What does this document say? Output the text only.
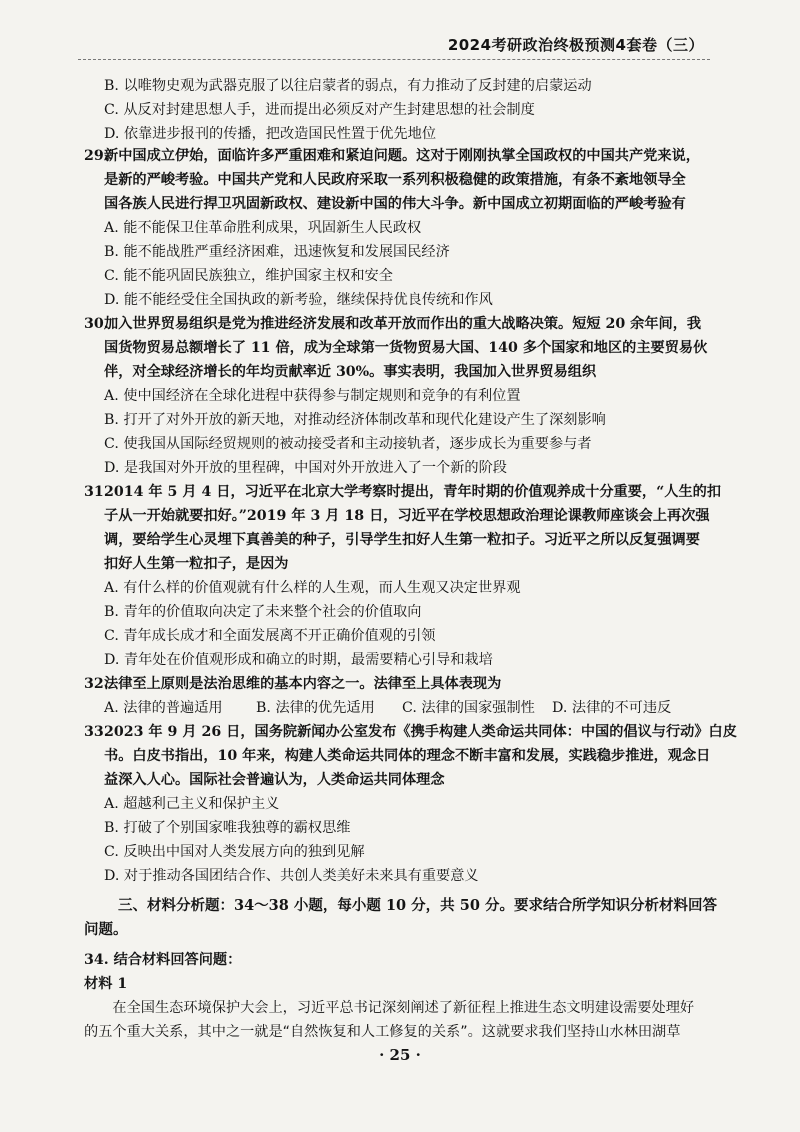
2024考研政治终极预测4套卷（三）
B. 以唯物史观为武器克服了以往启蒙者的弱点，有力推动了反封建的启蒙运动
C. 从反对封建思想人手，进而提出必须反对产生封建思想的社会制度
D. 依靠进步报刊的传播，把改造国民性置于优先地位
29.
新中国成立伊始，面临许多严重困难和紧迫问题。这对于刚刚执掌全国政权的中国共产党来说，
是新的严峻考验。中国共产党和人民政府采取一系列积极稳健的政策措施，有条不紊地领导全
国各族人民进行捍卫巩固新政权、建设新中国的伟大斗争。新中国成立初期面临的严峻考验有
A. 能不能保卫住革命胜利成果，巩固新生人民政权
B. 能不能战胜严重经济困难，迅速恢复和发展国民经济
C. 能不能巩固民族独立，维护国家主权和安全
D. 能不能经受住全国执政的新考验，继续保持优良传统和作风
30.
加入世界贸易组织是党为推进经济发展和改革开放而作出的重大战略决策。短短 20 余年间，我
国货物贸易总额增长了 11 倍，成为全球第一货物贸易大国、140 多个国家和地区的主要贸易伙
伴，对全球经济增长的年均贡献率近 30%。事实表明，我国加入世界贸易组织
A. 使中国经济在全球化进程中获得参与制定规则和竞争的有利位置
B. 打开了对外开放的新天地，对推动经济体制改革和现代化建设产生了深刻影响
C. 使我国从国际经贸规则的被动接受者和主动接轨者，逐步成长为重要参与者
D. 是我国对外开放的里程碑，中国对外开放进入了一个新的阶段
31.
2014 年 5 月 4 日，习近平在北京大学考察时提出，青年时期的价值观养成十分重要，“人生的扣
子从一开始就要扣好。”2019 年 3 月 18 日，习近平在学校思想政治理论课教师座谈会上再次强
调，要给学生心灵埋下真善美的种子，引导学生扣好人生第一粒扣子。习近平之所以反复强调要
扣好人生第一粒扣子，是因为
A. 有什么样的价值观就有什么样的人生观，而人生观又决定世界观
B. 青年的价值取向决定了未来整个社会的价值取向
C. 青年成长成才和全面发展离不开正确价值观的引领
D. 青年处在价值观形成和确立的时期，最需要精心引导和栽培
32.
法律至上原则是法治思维的基本内容之一。法律至上具体表现为
A. 法律的普遍适用 B. 法律的优先适用 C. 法律的国家强制性 D. 法律的不可违反
33.
2023 年 9 月 26 日，国务院新闻办公室发布《携手构建人类命运共同体：中国的倡议与行动》白皮
书。白皮书指出，10 年来，构建人类命运共同体的理念不断丰富和发展，实践稳步推进，观念日
益深入人心。国际社会普遍认为，人类命运共同体理念
A. 超越利己主义和保护主义
B. 打破了个别国家唯我独尊的霸权思维
C. 反映出中国对人类发展方向的独到见解
D. 对于推动各国团结合作、共创人类美好未来具有重要意义
三、材料分析题：34～38 小题，每小题 10 分，共 50 分。要求结合所学知识分析材料回答
问题。
34. 结合材料回答问题：
材料 1
　　在全国生态环境保护大会上，习近平总书记深刻阐述了新征程上推进生态文明建设需要处理好
的五个重大关系，其中之一就是“自然恢复和人工修复的关系”。这就要求我们坚持山水林田湖草
· 25 ·
